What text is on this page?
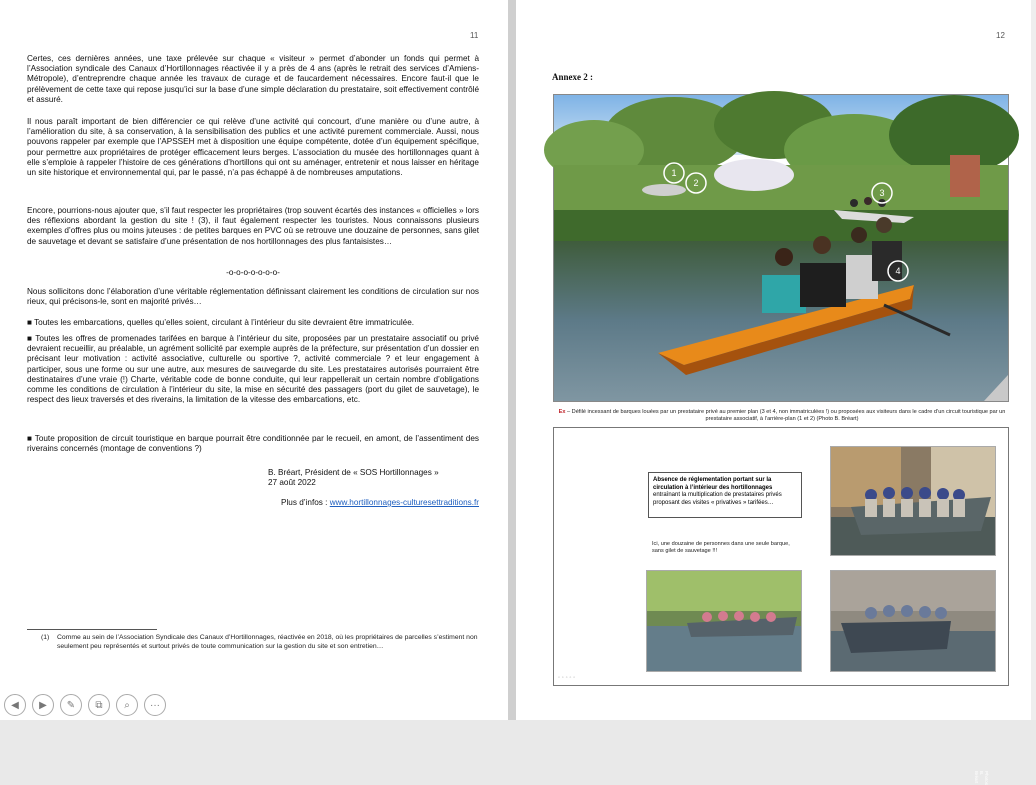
11

Certes, ces dernières années, une taxe prélevée sur chaque « visiteur » permet d’abonder un fonds qui permet à l’Association syndicale des Canaux d’Hortillonnages réactivée il y a près de 4 ans (après le retrait des services d’Amiens-Métropole), d’entreprendre chaque année les travaux de curage et de faucardement nécessaires. Encore faut-il que le prélèvement de cette taxe qui repose jusqu’ici sur la base d’une simple déclaration du prestataire, soit effectivement contrôlé et assuré.

Il nous paraît important de bien différencier ce qui relève d’une activité qui concourt, d’une manière ou d’une autre, à l’amélioration du site, à sa conservation, à la sensibilisation des publics et une activité purement commerciale. Aussi, nous pouvons rappeler par exemple que l’APSSEH met à disposition une équipe compétente, dotée d’un équipement spécifique, pour permettre aux propriétaires de protéger efficacement leurs berges. L’association du musée des hortillonnages quant à elle s’emploie à rappeler l’histoire de ces générations d’hortillons qui ont su aménager, entretenir et nous laisser en héritage un site historique et environnemental qui, par le passé, n’a pas échappé à de nombreuses amputations.

Encore, pourrions-nous ajouter que, s’il faut respecter les propriétaires (trop souvent écartés des instances « officielles » lors des réflexions abordant la gestion du site ! (3), il faut également respecter les touristes. Nous connaissons plusieurs exemples d’offres plus ou moins juteuses : de petites barques en PVC où se retrouve une douzaine de personnes, sans gilet de sauvetage et devant se satisfaire d’une présentation de nos hortillonnages des plus fantaisistes…

-o-o-o-o-o-o-o-

Nous sollicitons donc l’élaboration d’une véritable réglementation définissant clairement les conditions de circulation sur nos rieux, qui précisons-le, sont en majorité privés…

■ Toutes les embarcations, quelles qu’elles soient, circulant à l’intérieur du site devraient être immatriculée.

■ Toutes les offres de promenades tarifées en barque à l’intérieur du site, proposées par un prestataire associatif ou privé devraient recueillir, au préalable, un agrément sollicité par exemple auprès de la préfecture, sur présentation d’un dossier en précisant leur motivation : activité associative, culturelle ou sportive ?, activité commerciale ? et leur engagement à participer, sous une forme ou sur une autre, aux mesures de sauvegarde du site. Les prestataires autorisés pourraient être destinataires d’une vraie (!) Charte, véritable code de bonne conduite, qui leur rappellerait un certain nombre d’obligations comme les conditions de circulation à l’intérieur du site, la mise en sécurité des passagers (port du gilet de sauvetage), le respect des lieux traversés et des riverains, la limitation de la vitesse des embarcations, etc.

■ Toute proposition de circuit touristique en barque pourrait être conditionnée par le recueil, en amont, de l’assentiment des riverains concernés (montage de conventions ?)

B. Bréart, Président de « SOS Hortillonnages »
27 août 2022
Plus d’infos : www.hortillonnages-culturesettraditions.fr
(1) Comme au sein de l’Association Syndicale des Canaux d’Hortillonnages, réactivée en 2018, où les propriétaires de parcelles s’estiment non seulement peu représentés et surtout privés de toute communication sur la gestion du site et son entretien…
◀	▶	✎	⧉	⌕	···
12
Annexe 2 :
1
2
3
4
Ex – Défilé incessant de barques louées par un prestataire privé au premier plan (3 et 4, non immatriculées !) ou proposées aux visiteurs dans le cadre d’un circuit touristique par un prestataire associatif, à l’arrière-plan (1 et 2) (Photo B. Bréart)
Absence de réglementation portant sur la circulation à l’intérieur des hortillonnages
entraînant la multiplication de prestataires privés proposant des visites « privatives » tarifées…
Ici, une douzaine de personnes dans une seule barque, sans gilet de sauvetage !!!
Photos B. Bréart
◦ ◦ ◦ ◦ ◦
